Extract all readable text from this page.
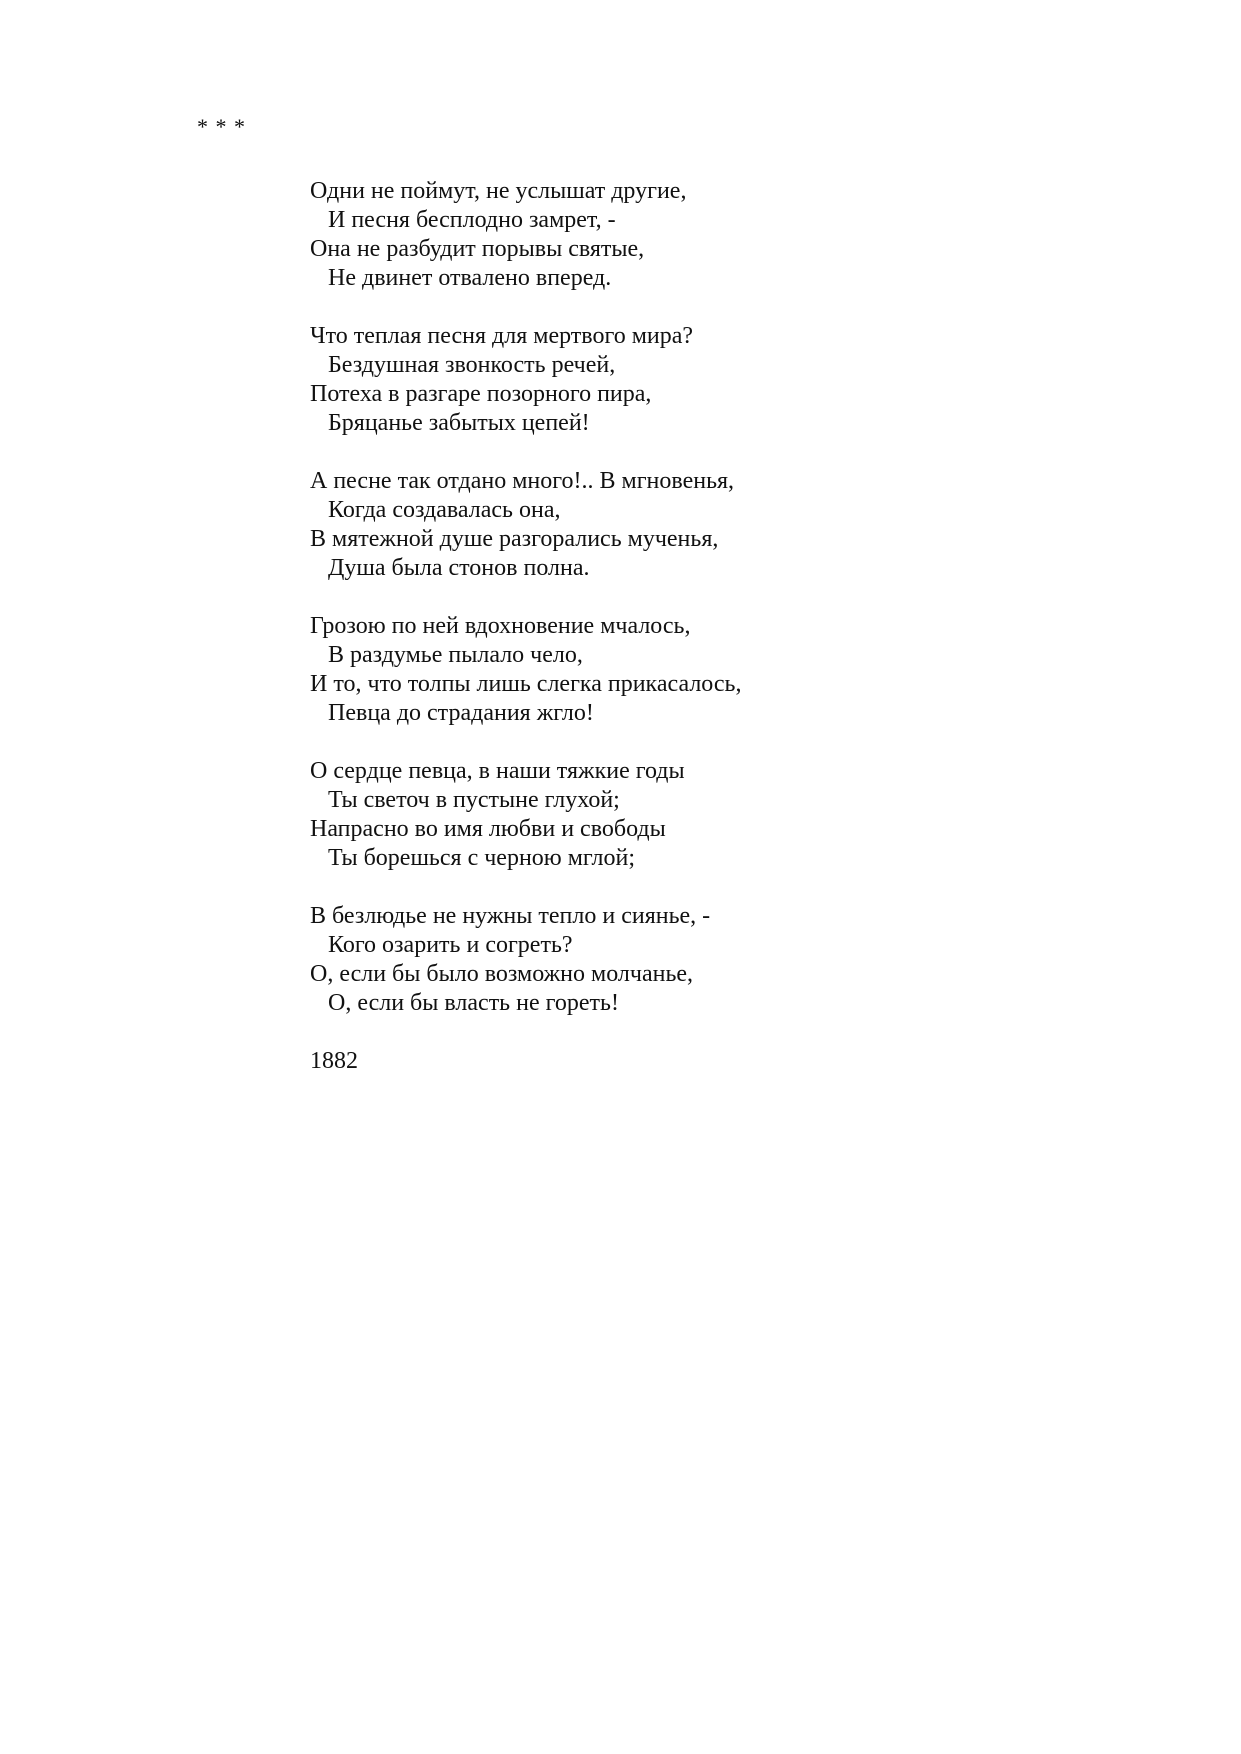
* * *
Одни не поймут, не услышат другие,
И песня бесплодно замрет, -
Она не разбудит порывы святые,
Не двинет отвалено вперед.
Что теплая песня для мертвого мира?
Бездушная звонкость речей,
Потеха в разгаре позорного пира,
Бряцанье забытых цепей!
А песне так отдано много!.. В мгновенья,
Когда создавалась она,
В мятежной душе разгорались мученья,
Душа была стонов полна.
Грозою по ней вдохновение мчалось,
В раздумье пылало чело,
И то, что толпы лишь слегка прикасалось,
Певца до страдания жгло!
О сердце певца, в наши тяжкие годы
Ты светоч в пустыне глухой;
Напрасно во имя любви и свободы
Ты борешься с черною мглой;
В безлюдье не нужны тепло и сиянье, -
Кого озарить и согреть?
О, если бы было возможно молчанье,
О, если бы власть не гореть!
1882
